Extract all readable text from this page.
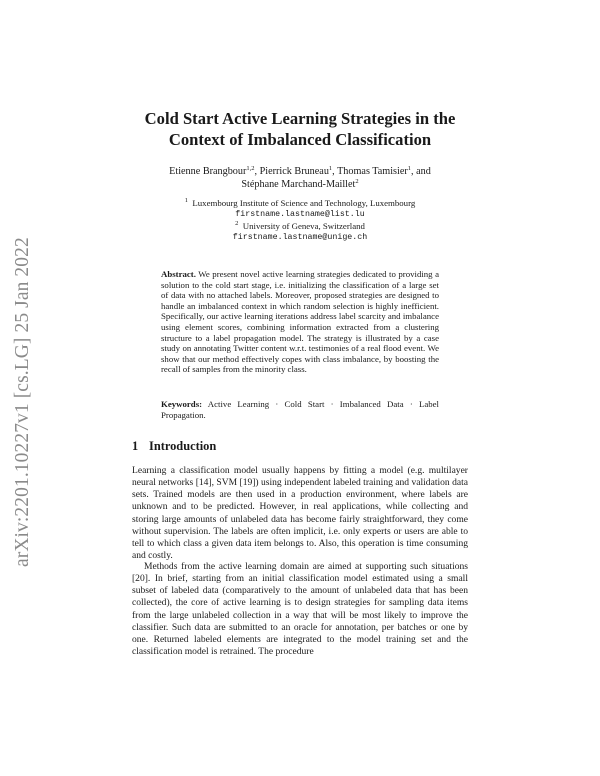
arXiv:2201.10227v1 [cs.LG] 25 Jan 2022
Cold Start Active Learning Strategies in the
Context of Imbalanced Classification
Etienne Brangbour$^{1,2}$, Pierrick Bruneau$^1$, Thomas Tamisier$^1$, and
Stéphane Marchand-Maillet$^2$
$^1$ Luxembourg Institute of Science and Technology, Luxembourg
firstname.lastname@list.lu
$^2$ University of Geneva, Switzerland
firstname.lastname@unige.ch

Abstract. We present novel active learning strategies dedicated to providing a solution to the cold start stage, i.e. initializing the classification of a large set of data with no attached labels. Moreover, proposed strategies are designed to handle an imbalanced context in which random selection is highly inefficient. Specifically, our active learning iterations address label scarcity and imbalance using element scores, combining information extracted from a clustering structure to a label propagation model. The strategy is illustrated by a case study on annotating Twitter content w.r.t. testimonies of a real flood event. We show that our method effectively copes with class imbalance, by boosting the recall of samples from the minority class.

Keywords: Active Learning · Cold Start · Imbalanced Data · Label Propagation.

1 Introduction

Learning a classification model usually happens by fitting a model (e.g. multilayer neural networks [14], SVM [19]) using independent labeled training and validation data sets. Trained models are then used in a production environment, where labels are unknown and to be predicted. However, in real applications, while collecting and storing large amounts of unlabeled data has become fairly straightforward, they come without supervision. The labels are often implicit, i.e. only experts or users are able to tell to which class a given data item belongs to. Also, this operation is time consuming and costly.

Methods from the active learning domain are aimed at supporting such situations [20]. In brief, starting from an initial classification model estimated using a small subset of labeled data (comparatively to the amount of unlabeled data that has been collected), the core of active learning is to design strategies for sampling data items from the large unlabeled collection in a way that will be most likely to improve the classifier. Such data are submitted to an oracle for annotation, per batches or one by one. Returned labeled elements are integrated to the model training set and the classification model is retrained. The procedure
